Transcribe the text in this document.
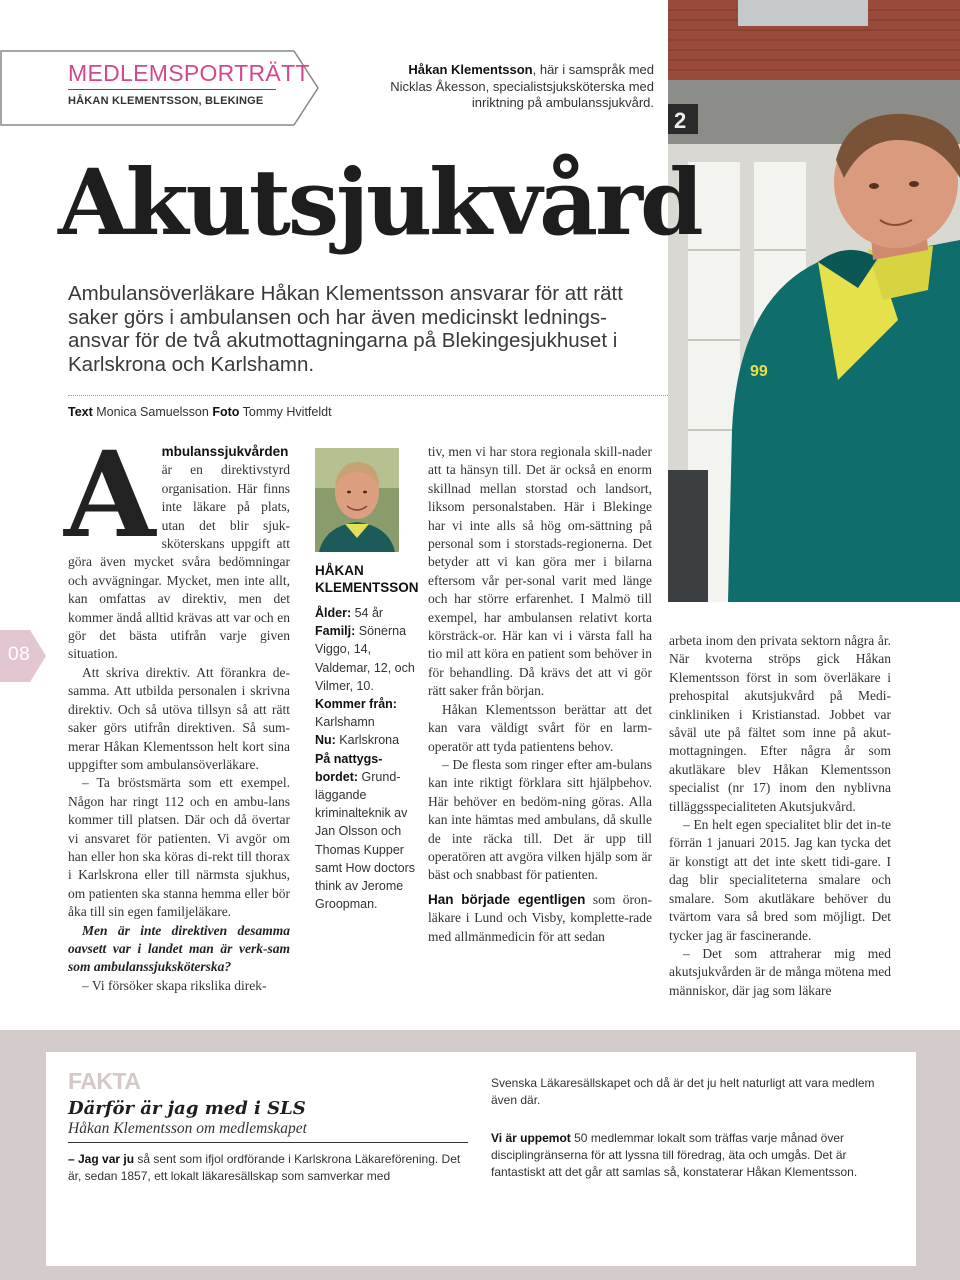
MEDLEMSPORTRÄTT
HÅKAN KLEMENTSSON, BLEKINGE
Håkan Klementsson, här i samspråk med Nicklas Åkesson, specialistsjuksköterska med inriktning på ambulanssjukvård.
2
99
Akutsjukvård
Ambulansöverläkare Håkan Klementsson ansvarar för att rätt saker görs i ambulansen och har även medicinskt lednings-ansvar för de två akutmottagningarna på Blekingesjukhuset i Karlskrona och Karlshamn.
Text Monica Samuelsson Foto Tommy Hvitfeldt
08

Ambulanssjukvården är en direktivstyrd organisation. Här finns inte läkare på plats, utan det blir sjuk-sköterskans uppgift att göra även mycket svåra bedömningar och avvägningar. Mycket, men inte allt, kan omfattas av direktiv, men det kommer ändå alltid krävas att var och en gör det bästa utifrån varje given situation.

Att skriva direktiv. Att förankra de-samma. Att utbilda personalen i skrivna direktiv. Och så utöva tillsyn så att rätt saker görs utifrån direktiven. Så sum-merar Håkan Klementsson helt kort sina uppgifter som ambulansöverläkare.

– Ta bröstsmärta som ett exempel. Någon har ringt 112 och en ambu-lans kommer till platsen. Där och då övertar vi ansvaret för patienten. Vi avgör om han eller hon ska köras di-rekt till thorax i Karlskrona eller till närmsta sjukhus, om patienten ska stanna hemma eller bör åka till sin egen familjeläkare.

Men är inte direktiven desamma oavsett var i landet man är verk-sam som ambulanssjuksköterska?

– Vi försöker skapa rikslika direk-

HÅKAN KLEMENTSSON
Ålder: 54 år
Familj: Sönerna Viggo, 14, Valdemar, 12, och Vilmer, 10.
Kommer från: Karlshamn
Nu: Karlskrona
På nattygs-bordet: Grund-läggande kriminalteknik av Jan Olsson och Thomas Kupper samt How doctors think av Jerome Groopman.

tiv, men vi har stora regionala skill-nader att ta hänsyn till. Det är också en enorm skillnad mellan storstad och landsort, liksom personalstaben. Här i Blekinge har vi inte alls så hög om-sättning på personal som i storstads-regionerna. Det betyder att vi kan göra mer i bilarna eftersom vår per-sonal varit med länge och har större erfarenhet. I Malmö till exempel, har ambulansen relativt korta körsträck-or. Här kan vi i värsta fall ha tio mil att köra en patient som behöver in för behandling. Då krävs det att vi gör rätt saker från början.

Håkan Klementsson berättar att det kan vara väldigt svårt för en larm-operatör att tyda patientens behov.

– De flesta som ringer efter am-bulans kan inte riktigt förklara sitt hjälpbehov. Här behöver en bedöm-ning göras. Alla kan inte hämtas med ambulans, då skulle de inte räcka till. Det är upp till operatören att avgöra vilken hjälp som är bäst och snabbast för patienten.

Han började egentligen som öron-läkare i Lund och Visby, komplette-rade med allmänmedicin för att sedan

arbeta inom den privata sektorn några år. När kvoterna ströps gick Håkan Klementsson först in som överläkare i prehospital akutsjukvård på Medi-cinkliniken i Kristianstad. Jobbet var såväl ute på fältet som inne på akut-mottagningen. Efter några år som akutläkare blev Håkan Klementsson specialist (nr 17) inom den nyblivna tilläggsspecialiteten Akutsjukvård.

– En helt egen specialitet blir det in-te förrän 1 januari 2015. Jag kan tycka det är konstigt att det inte skett tidi-gare. I dag blir specialiteterna smalare och smalare. Som akutläkare behöver du tvärtom vara så bred som möjligt. Det tycker jag är fascinerande.

– Det som attraherar mig med akutsjukvården är de många mötena med människor, där jag som läkare

FAKTA
Därför är jag med i SLS
Håkan Klementsson om medlemskapet
– Jag var ju så sent som ifjol ordförande i Karlskrona Läkareförening. Det är, sedan 1857, ett lokalt läkaresällskap som samverkar med
Svenska Läkaresällskapet och då är det ju helt naturligt att vara medlem även där.
Vi är uppemot 50 medlemmar lokalt som träffas varje månad över disciplingränserna för att lyssna till föredrag, äta och umgås. Det är fantastiskt att det går att samlas så, konstaterar Håkan Klementsson.
